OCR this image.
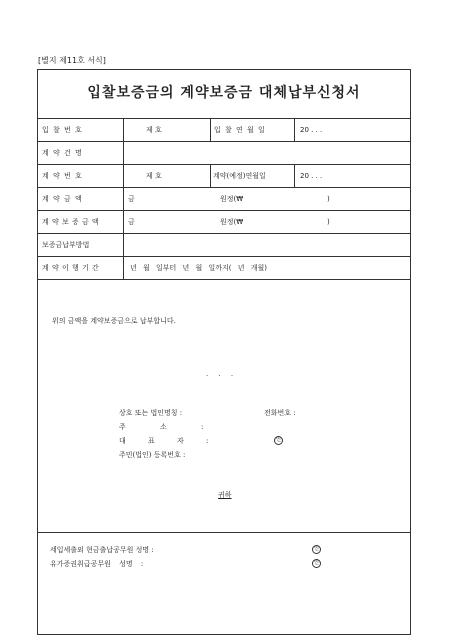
[별지 제11호 서식]
입찰보증금의 계약보증금 대체납부신청서
입 찰 번 호	제 호	입 찰 연 월 일	20 . . .
계 약 건 명
계 약 번 호	제 호	계약(예정)연월일	20 . . .
계 약 금 액	금	원정(₩	)
계 약 보 증 금 액	금	원정(₩	)
보증금납부방법
계 약 이 행 기 간	년 월 일부터 년 월 일까지( 년 개월)
위의 금액을 계약보증금으로 납부합니다.
. . .
상호 또는 법인명칭 :	전화번호 :
주 소 :
대 표 자 :	인
주민(법인) 등록번호 :
귀하
세입세출외 현금출납공무원 성명 :	인
유가증권취급공무원 성명 :	인
